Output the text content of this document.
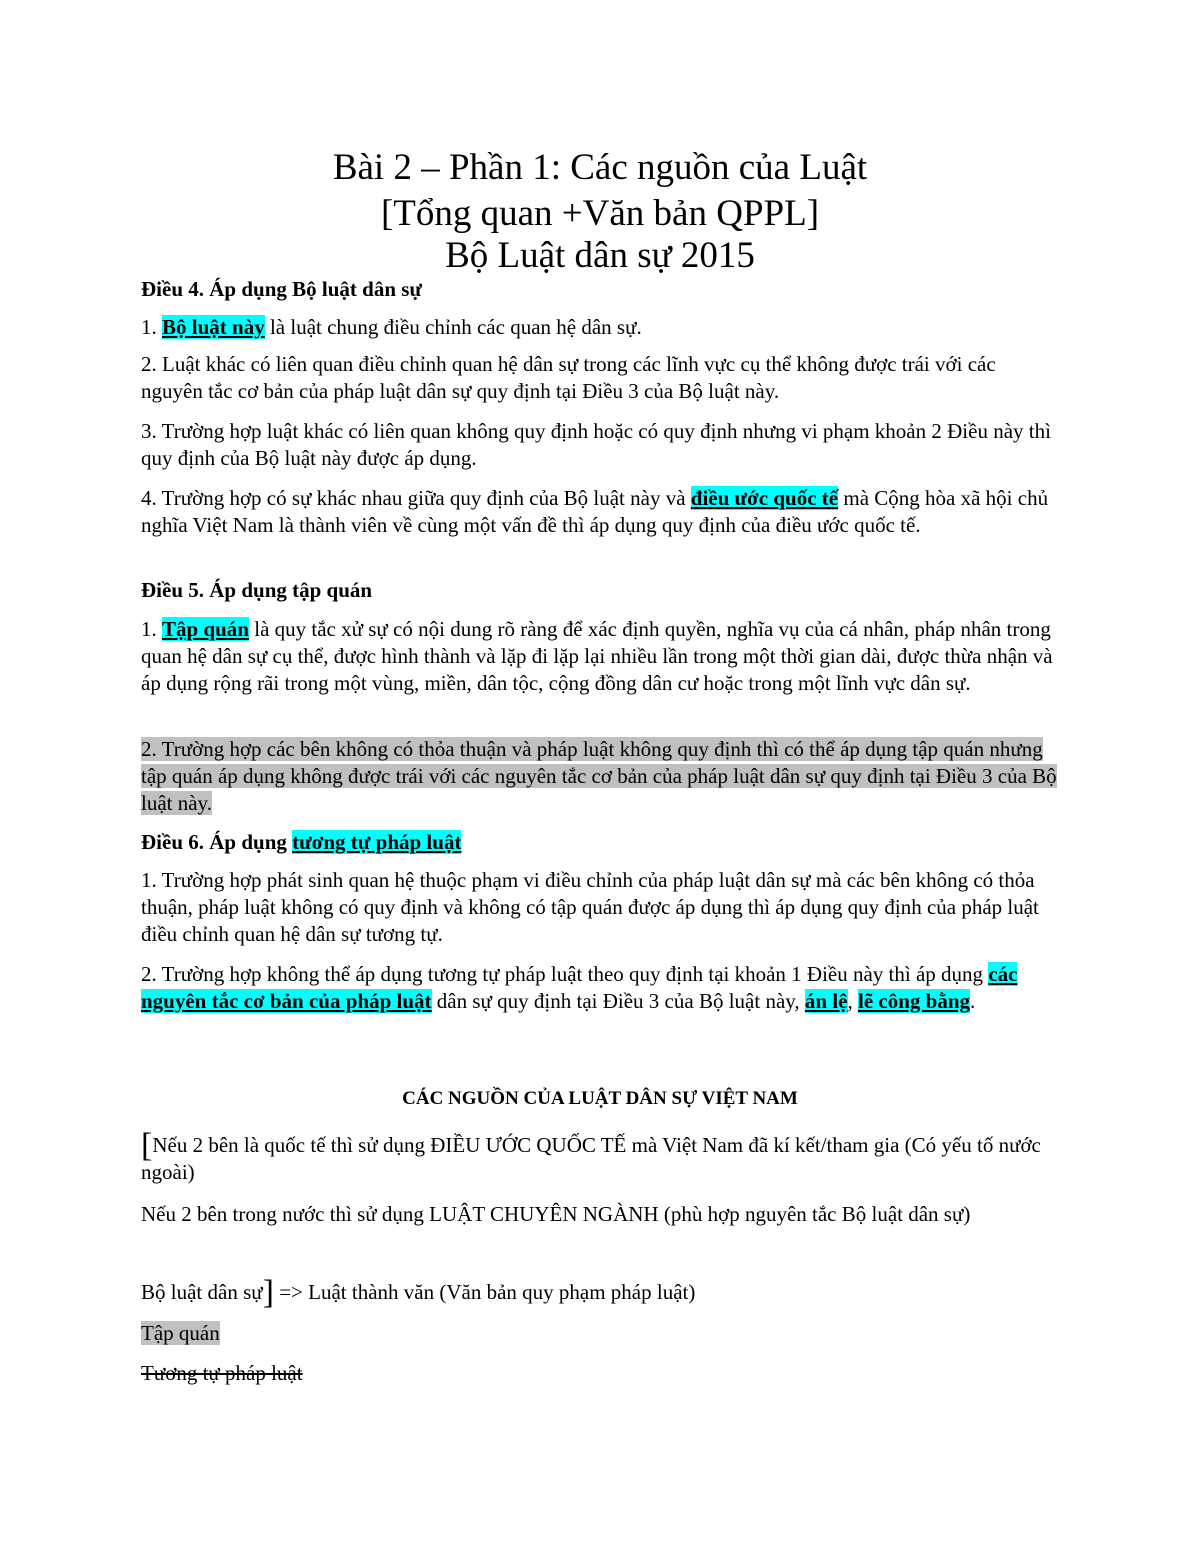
Bài 2 – Phần 1: Các nguồn của Luật
[Tổng quan +Văn bản QPPL]
Bộ Luật dân sự 2015
Điều 4. Áp dụng Bộ luật dân sự
1. Bộ luật này là luật chung điều chỉnh các quan hệ dân sự.
2. Luật khác có liên quan điều chỉnh quan hệ dân sự trong các lĩnh vực cụ thể không được trái với các nguyên tắc cơ bản của pháp luật dân sự quy định tại Điều 3 của Bộ luật này.
3. Trường hợp luật khác có liên quan không quy định hoặc có quy định nhưng vi phạm khoản 2 Điều này thì quy định của Bộ luật này được áp dụng.
4. Trường hợp có sự khác nhau giữa quy định của Bộ luật này và điều ước quốc tế mà Cộng hòa xã hội chủ nghĩa Việt Nam là thành viên về cùng một vấn đề thì áp dụng quy định của điều ước quốc tế.
Điều 5. Áp dụng tập quán
1. Tập quán là quy tắc xử sự có nội dung rõ ràng để xác định quyền, nghĩa vụ của cá nhân, pháp nhân trong quan hệ dân sự cụ thể, được hình thành và lặp đi lặp lại nhiều lần trong một thời gian dài, được thừa nhận và áp dụng rộng rãi trong một vùng, miền, dân tộc, cộng đồng dân cư hoặc trong một lĩnh vực dân sự.
2. Trường hợp các bên không có thỏa thuận và pháp luật không quy định thì có thể áp dụng tập quán nhưng tập quán áp dụng không được trái với các nguyên tắc cơ bản của pháp luật dân sự quy định tại Điều 3 của Bộ luật này.
Điều 6. Áp dụng tương tự pháp luật
1. Trường hợp phát sinh quan hệ thuộc phạm vi điều chỉnh của pháp luật dân sự mà các bên không có thỏa thuận, pháp luật không có quy định và không có tập quán được áp dụng thì áp dụng quy định của pháp luật điều chỉnh quan hệ dân sự tương tự.
2. Trường hợp không thể áp dụng tương tự pháp luật theo quy định tại khoản 1 Điều này thì áp dụng các nguyên tắc cơ bản của pháp luật dân sự quy định tại Điều 3 của Bộ luật này, án lệ, lẽ công bằng.
CÁC NGUỒN CỦA LUẬT DÂN SỰ VIỆT NAM
[Nếu 2 bên là quốc tế thì sử dụng ĐIỀU ƯỚC QUỐC TẾ mà Việt Nam đã kí kết/tham gia (Có yếu tố nước ngoài)
Nếu 2 bên trong nước thì sử dụng LUẬT CHUYÊN NGÀNH (phù hợp nguyên tắc Bộ luật dân sự)
Bộ luật dân sự] => Luật thành văn (Văn bản quy phạm pháp luật)
Tập quán
Tương tự pháp luật
